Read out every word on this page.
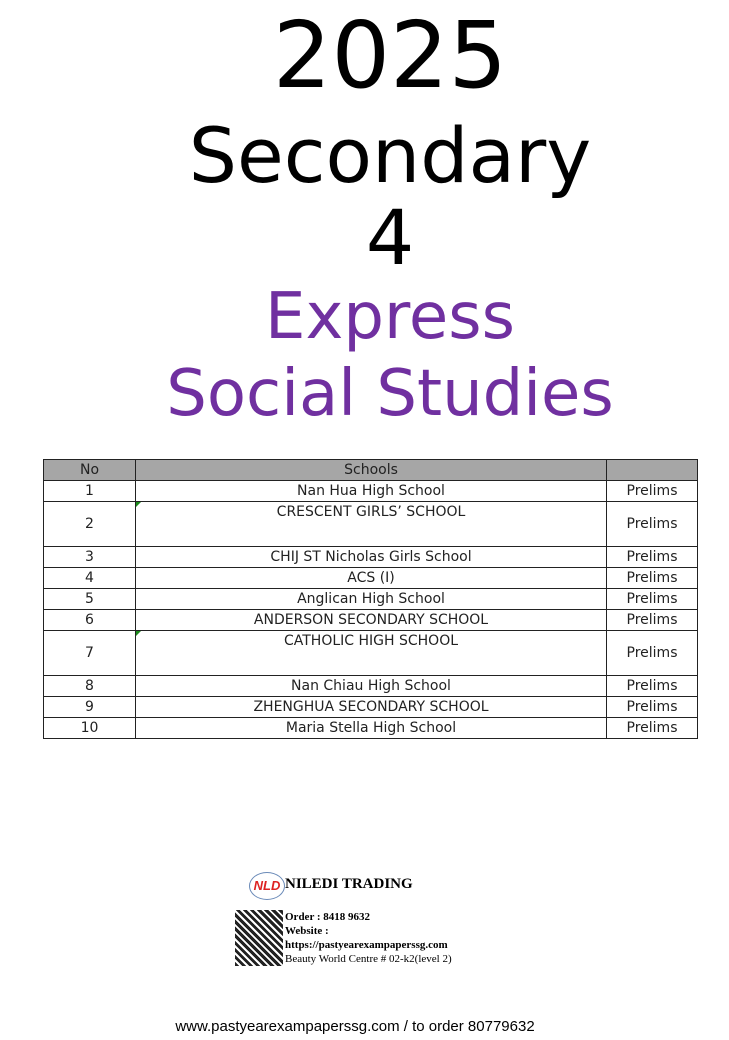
2025
Secondary
4
Express
Social Studies
No	Schools	
1	Nan Hua High School	Prelims
2	CRESCENT GIRLS’ SCHOOL	Prelims
3	CHIJ ST Nicholas Girls School	Prelims
4	ACS (I)	Prelims
5	Anglican High School	Prelims
6	ANDERSON SECONDARY SCHOOL	Prelims
7	CATHOLIC HIGH SCHOOL	Prelims
8	Nan Chiau High School	Prelims
9	ZHENGHUA SECONDARY SCHOOL	Prelims
10	Maria Stella High School	Prelims
NLD NILEDI TRADING
Order : 8418 9632
Website :
https://pastyearexampaperssg.com
Beauty World Centre # 02-k2(level 2)
www.pastyearexampaperssg.com / to order 80779632
